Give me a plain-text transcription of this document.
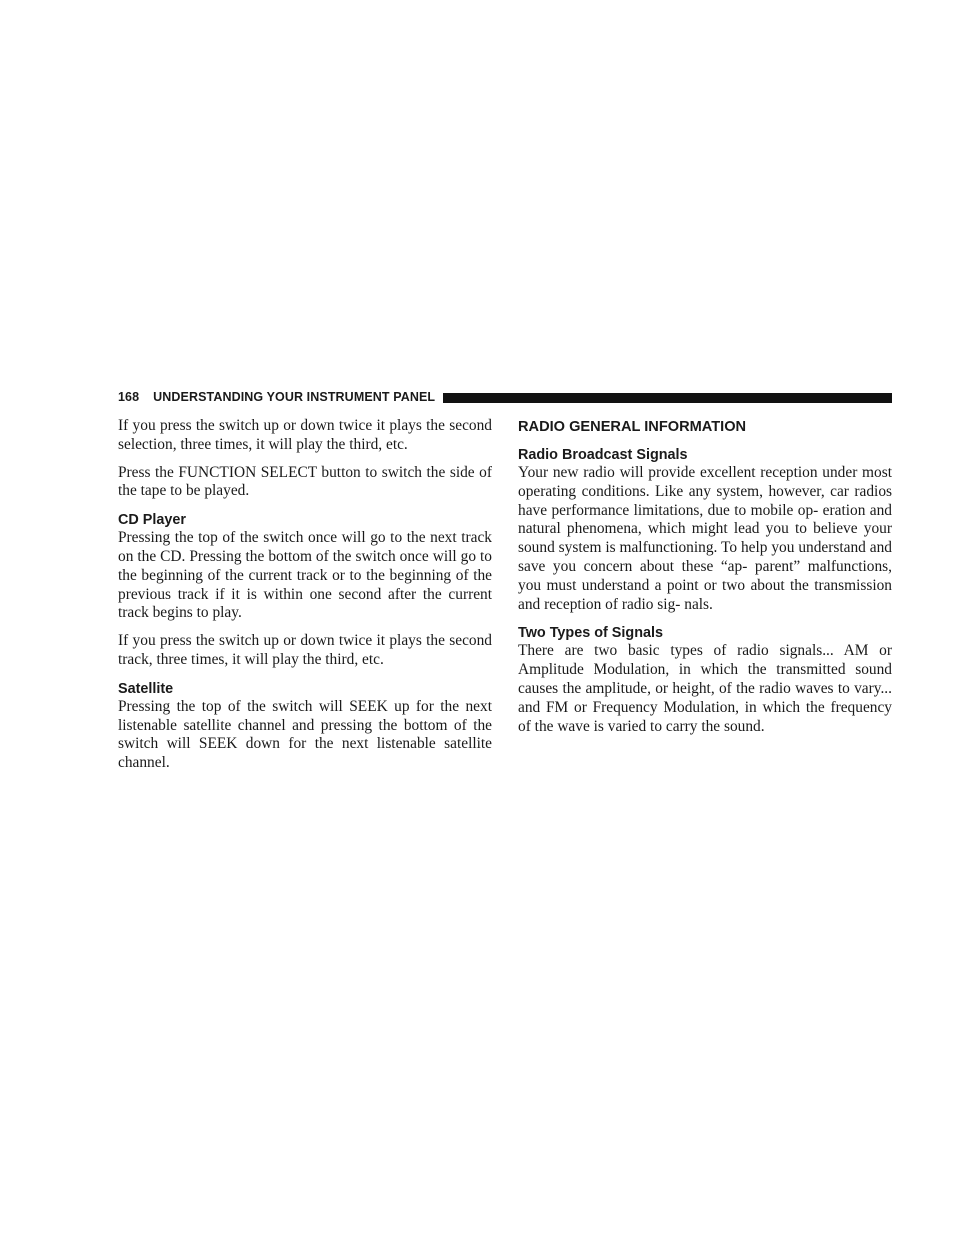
168 UNDERSTANDING YOUR INSTRUMENT PANEL

If you press the switch up or down twice it plays the second selection, three times, it will play the third, etc.

Press the FUNCTION SELECT button to switch the side of the tape to be played.

CD Player

Pressing the top of the switch once will go to the next track on the CD. Pressing the bottom of the switch once will go to the beginning of the current track or to the beginning of the previous track if it is within one second after the current track begins to play.

If you press the switch up or down twice it plays the second track, three times, it will play the third, etc.

Satellite

Pressing the top of the switch will SEEK up for the next listenable satellite channel and pressing the bottom of the switch will SEEK down for the next listenable satellite channel.

RADIO GENERAL INFORMATION
Radio Broadcast Signals

Your new radio will provide excellent reception under most operating conditions. Like any system, however, car radios have performance limitations, due to mobile op- eration and natural phenomena, which might lead you to believe your sound system is malfunctioning. To help you understand and save you concern about these “ap- parent” malfunctions, you must understand a point or two about the transmission and reception of radio sig- nals.

Two Types of Signals

There are two basic types of radio signals... AM or Amplitude Modulation, in which the transmitted sound causes the amplitude, or height, of the radio waves to vary... and FM or Frequency Modulation, in which the frequency of the wave is varied to carry the sound.
